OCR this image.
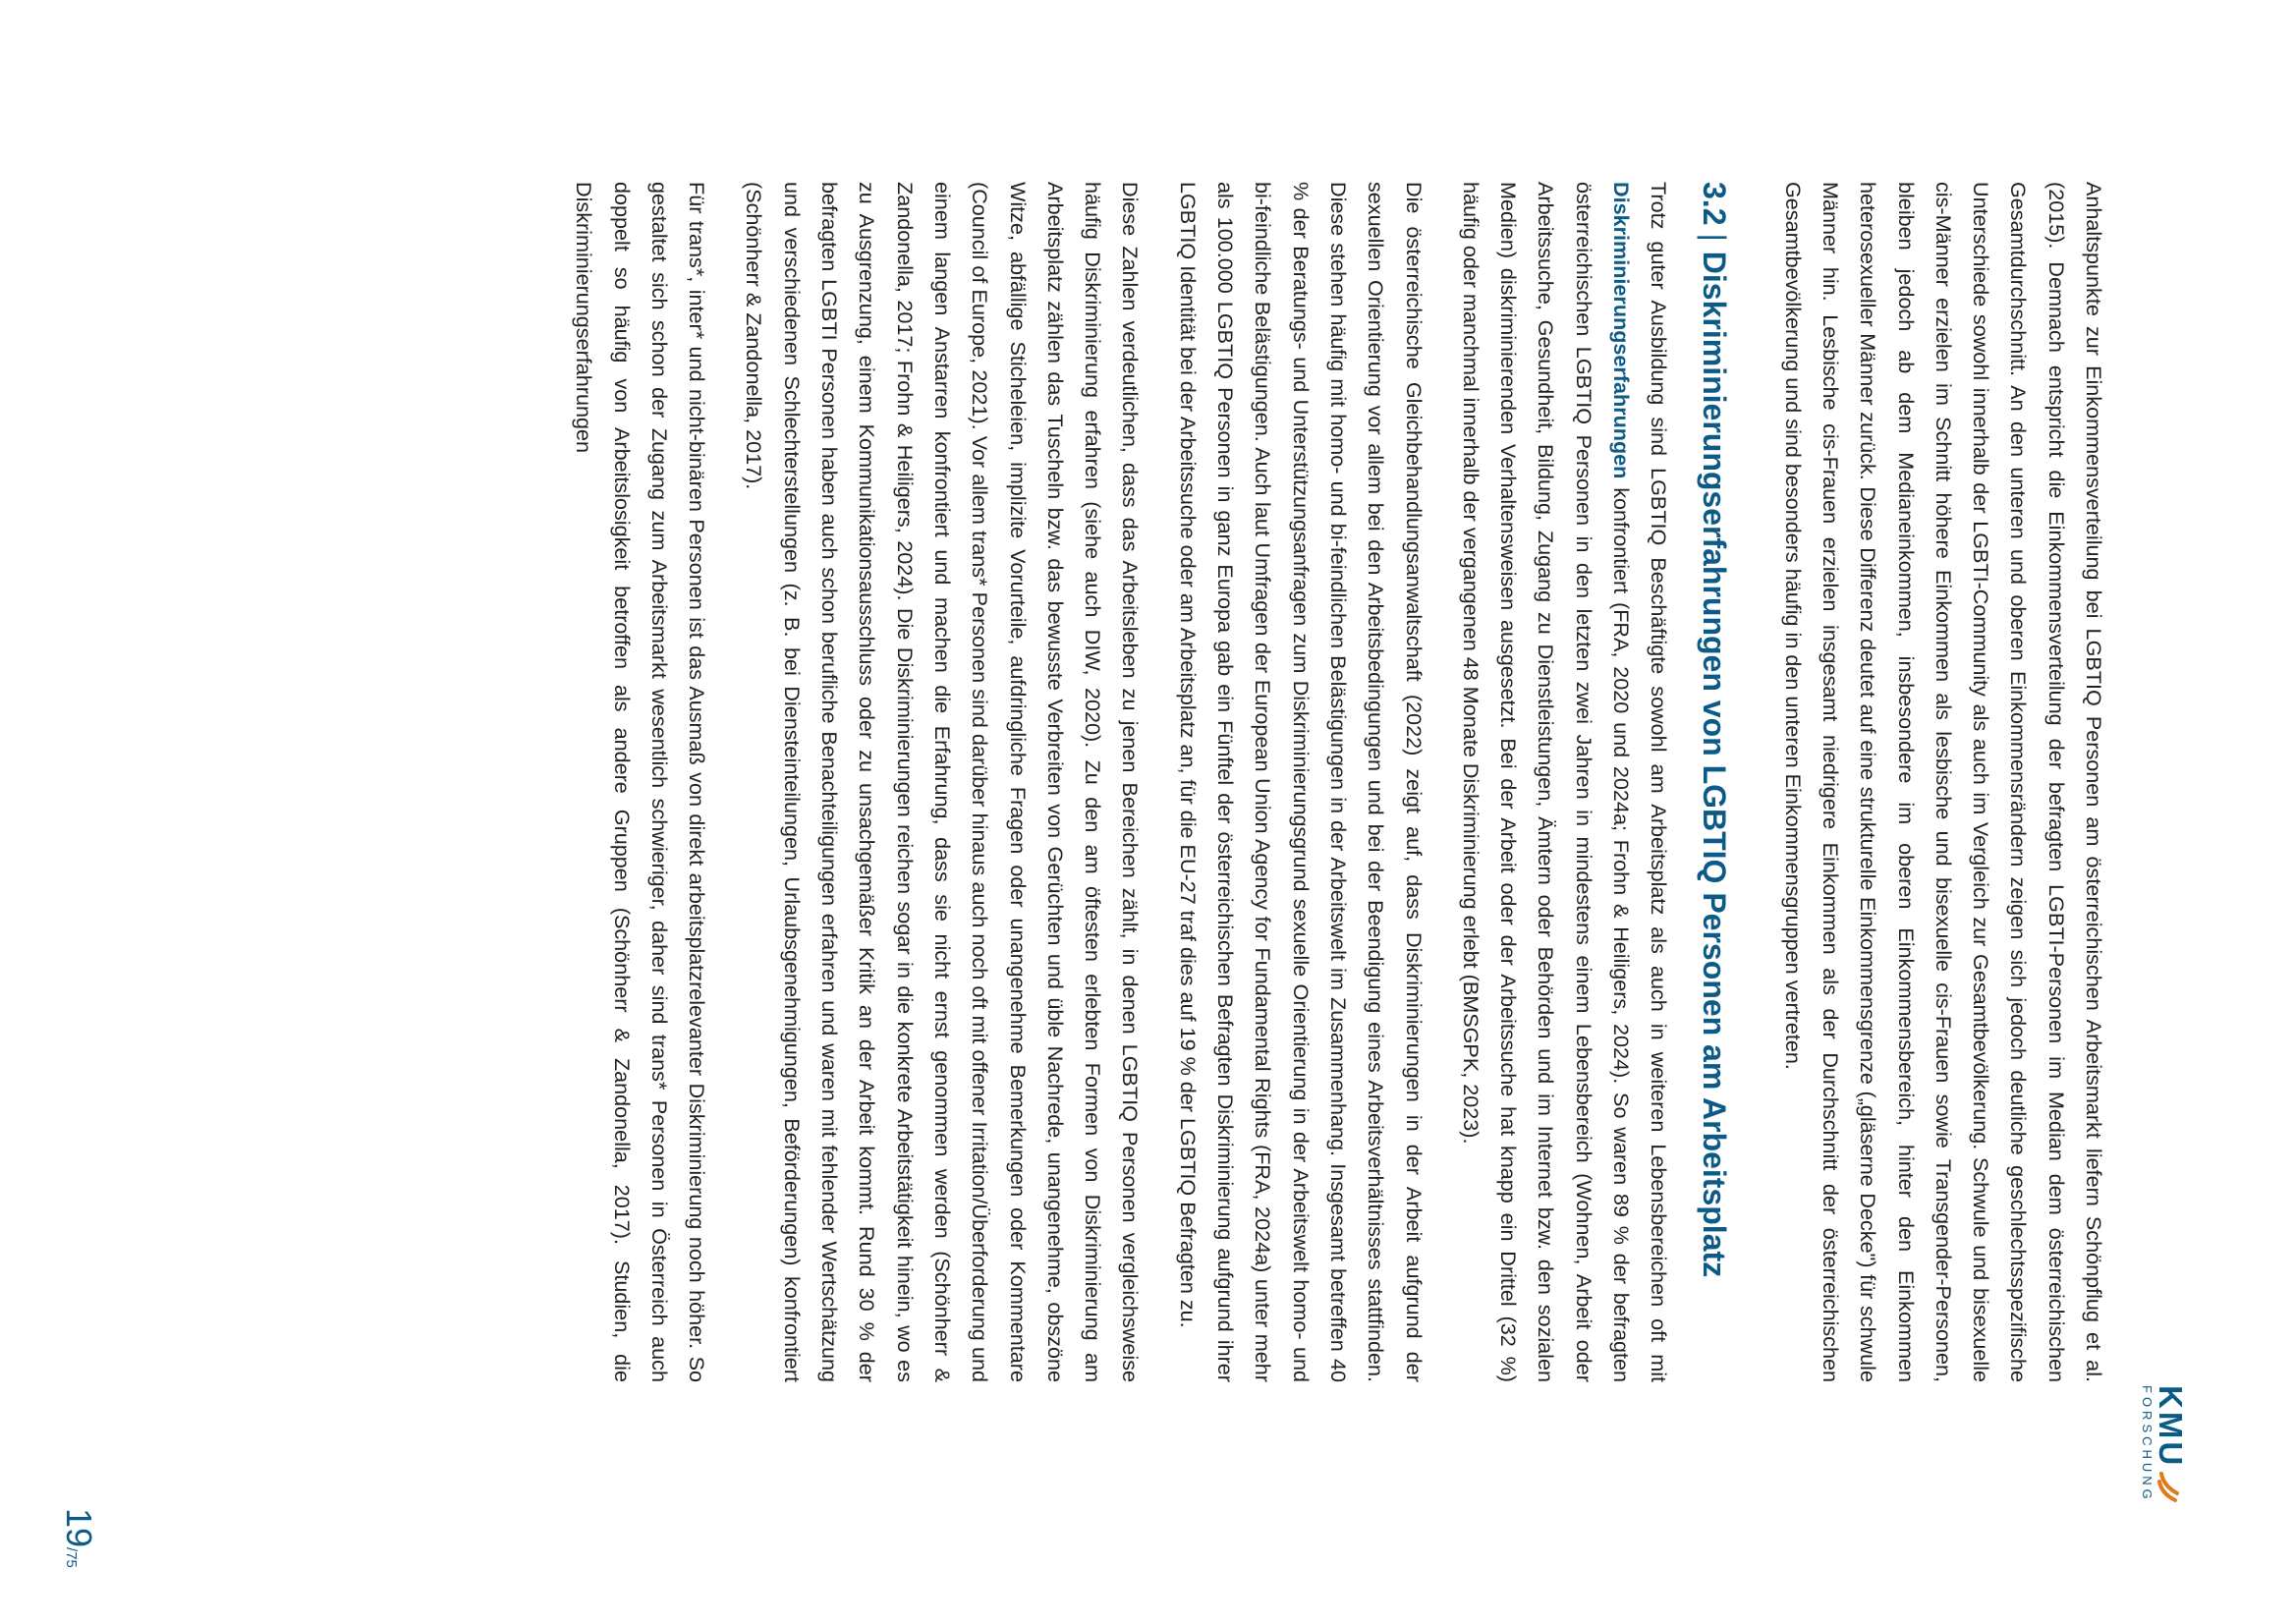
KMU
FORSCHUNG

Anhaltspunkte zur Einkommensverteilung bei LGBTIQ Personen am österreichischen Arbeitsmarkt liefern Schönpflug et al. (2015). Demnach entspricht die Einkommensverteilung der befragten LGBTI-Personen im Median dem österreichischen Gesamtdurchschnitt. An den unteren und oberen Einkommensrändern zeigen sich jedoch deutliche geschlechtsspezifische Unterschiede sowohl innerhalb der LGBTI-Community als auch im Vergleich zur Gesamtbevölkerung. Schwule und bisexuelle cis-Männer erzielen im Schnitt höhere Einkommen als lesbische und bisexuelle cis-Frauen sowie Transgender-Personen, bleiben jedoch ab dem Medianeinkommen, insbesondere im oberen Einkommensbereich, hinter den Einkommen heterosexueller Männer zurück. Diese Differenz deutet auf eine strukturelle Einkommensgrenze („gläserne Decke") für schwule Männer hin. Lesbische cis-Frauen erzielen insgesamt niedrigere Einkommen als der Durchschnitt der österreichischen Gesamtbevölkerung und sind besonders häufig in den unteren Einkommensgruppen vertreten.

3.2|Diskriminierungserfahrungen von LGBTIQ Personen am Arbeitsplatz

Trotz guter Ausbildung sind LGBTIQ Beschäftigte sowohl am Arbeitsplatz als auch in weiteren Lebensbereichen oft mit Diskriminierungserfahrungen konfrontiert (FRA, 2020 und 2024a; Frohn & Heiligers, 2024). So waren 89 % der befragten österreichischen LGBTIQ Personen in den letzten zwei Jahren in mindestens einem Lebensbereich (Wohnen, Arbeit oder Arbeitssuche, Gesundheit, Bildung, Zugang zu Dienstleistungen, Ämtern oder Behörden und im Internet bzw. den sozialen Medien) diskriminierenden Verhaltensweisen ausgesetzt. Bei der Arbeit oder der Arbeitssuche hat knapp ein Drittel (32 %) häufig oder manchmal innerhalb der vergangenen 48 Monate Diskriminierung erlebt (BMSGPK, 2023).

Die österreichische Gleichbehandlungsanwaltschaft (2022) zeigt auf, dass Diskriminierungen in der Arbeit aufgrund der sexuellen Orientierung vor allem bei den Arbeitsbedingungen und bei der Beendigung eines Arbeitsverhältnisses stattfinden. Diese stehen häufig mit homo- und bi-feindlichen Belästigungen in der Arbeitswelt im Zusammenhang. Insgesamt betreffen 40 % der Beratungs- und Unterstützungsanfragen zum Diskriminierungsgrund sexuelle Orientierung in der Arbeitswelt homo- und bi-feindliche Belästigungen. Auch laut Umfragen der European Union Agency for Fundamental Rights (FRA, 2024a) unter mehr als 100.000 LGBTIQ Personen in ganz Europa gab ein Fünftel der österreichischen Befragten Diskriminierung aufgrund ihrer LGBTIQ Identität bei der Arbeitssuche oder am Arbeitsplatz an, für die EU-27 traf dies auf 19 % der LGBTIQ Befragten zu.

Diese Zahlen verdeutlichen, dass das Arbeitsleben zu jenen Bereichen zählt, in denen LGBTIQ Personen vergleichsweise häufig Diskriminierung erfahren (siehe auch DIW, 2020). Zu den am öftesten erlebten Formen von Diskriminierung am Arbeitsplatz zählen das Tuscheln bzw. das bewusste Verbreiten von Gerüchten und üble Nachrede, unangenehme, obszöne Witze, abfällige Sticheleien, implizite Vorurteile, aufdringliche Fragen oder unangenehme Bemerkungen oder Kommentare (Council of Europe, 2021). Vor allem trans* Personen sind darüber hinaus auch noch oft mit offener Irritation/Überforderung und einem langen Anstarren konfrontiert und machen die Erfahrung, dass sie nicht ernst genommen werden (Schönherr & Zandonella, 2017; Frohn & Heiligers, 2024). Die Diskriminierungen reichen sogar in die konkrete Arbeitstätigkeit hinein, wo es zu Ausgrenzung, einem Kommunikationsausschluss oder zu unsachgemäßer Kritik an der Arbeit kommt. Rund 30 % der befragten LGBTI Personen haben auch schon berufliche Benachteiligungen erfahren und waren mit fehlender Wertschätzung und verschiedenen Schlechterstellungen (z. B. bei Diensteinteilungen, Urlaubsgenehmigungen, Beförderungen) konfrontiert (Schönherr & Zandonella, 2017).

Für trans*, inter* und nicht-binären Personen ist das Ausmaß von direkt arbeitsplatzrelevanter Diskriminierung noch höher. So gestaltet sich schon der Zugang zum Arbeitsmarkt wesentlich schwieriger, daher sind trans* Personen in Österreich auch doppelt so häufig von Arbeitslosigkeit betroffen als andere Gruppen (Schönherr & Zandonella, 2017). Studien, die Diskriminierungserfahrungen

19/75
